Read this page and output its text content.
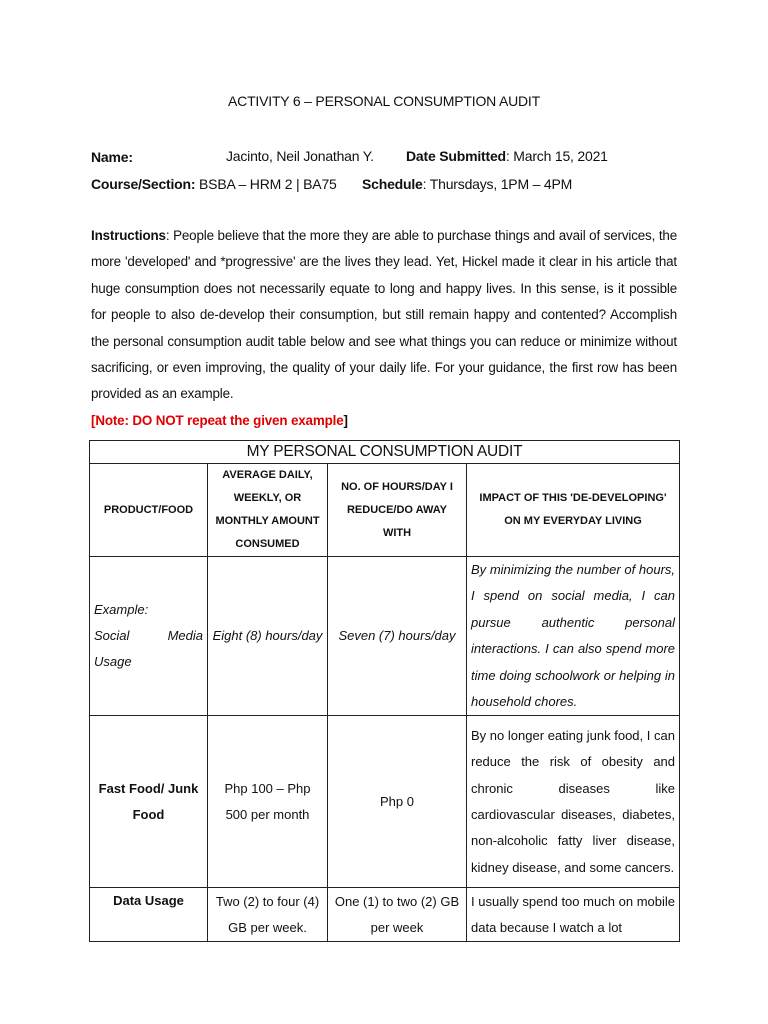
ACTIVITY 6 – PERSONAL CONSUMPTION AUDIT
Name:	Jacinto, Neil Jonathan Y. Date Submitted: March 15, 2021
Course/Section: BSBA – HRM 2 | BA75 Schedule: Thursdays, 1PM – 4PM
Instructions: People believe that the more they are able to purchase things and avail of services, the more 'developed' and *progressive' are the lives they lead. Yet, Hickel made it clear in his article that huge consumption does not necessarily equate to long and happy lives. In this sense, is it possible for people to also de-develop their consumption, but still remain happy and contented? Accomplish the personal consumption audit table below and see what things you can reduce or minimize without sacrificing, or even improving, the quality of your daily life. For your guidance, the first row has been provided as an example.
[Note: DO NOT repeat the given example]
MY PERSONAL CONSUMPTION AUDIT			
PRODUCT/FOOD	AVERAGE DAILY, WEEKLY, OR MONTHLY AMOUNT CONSUMED	NO. OF HOURS/DAY I REDUCE/DO AWAY WITH	IMPACT OF THIS 'DE-DEVELOPING' ON MY EVERYDAY LIVING

Example:
Social Media
Usage	Eight (8) hours/day	Seven (7) hours/day	By minimizing the number of hours, I spend on social media, I can pursue authentic personal interactions. I can also spend more time doing schoolwork or helping in household chores.
Fast Food/ Junk Food	Php 100 – Php 500 per month	Php 0	By no longer eating junk food, I can reduce the risk of obesity and chronic diseases like cardiovascular diseases, diabetes, non-alcoholic fatty liver disease, kidney disease, and some cancers.
Data Usage	Two (2) to four (4) GB per week.	One (1) to two (2) GB per week	I usually spend too much on mobile data because I watch a lot
